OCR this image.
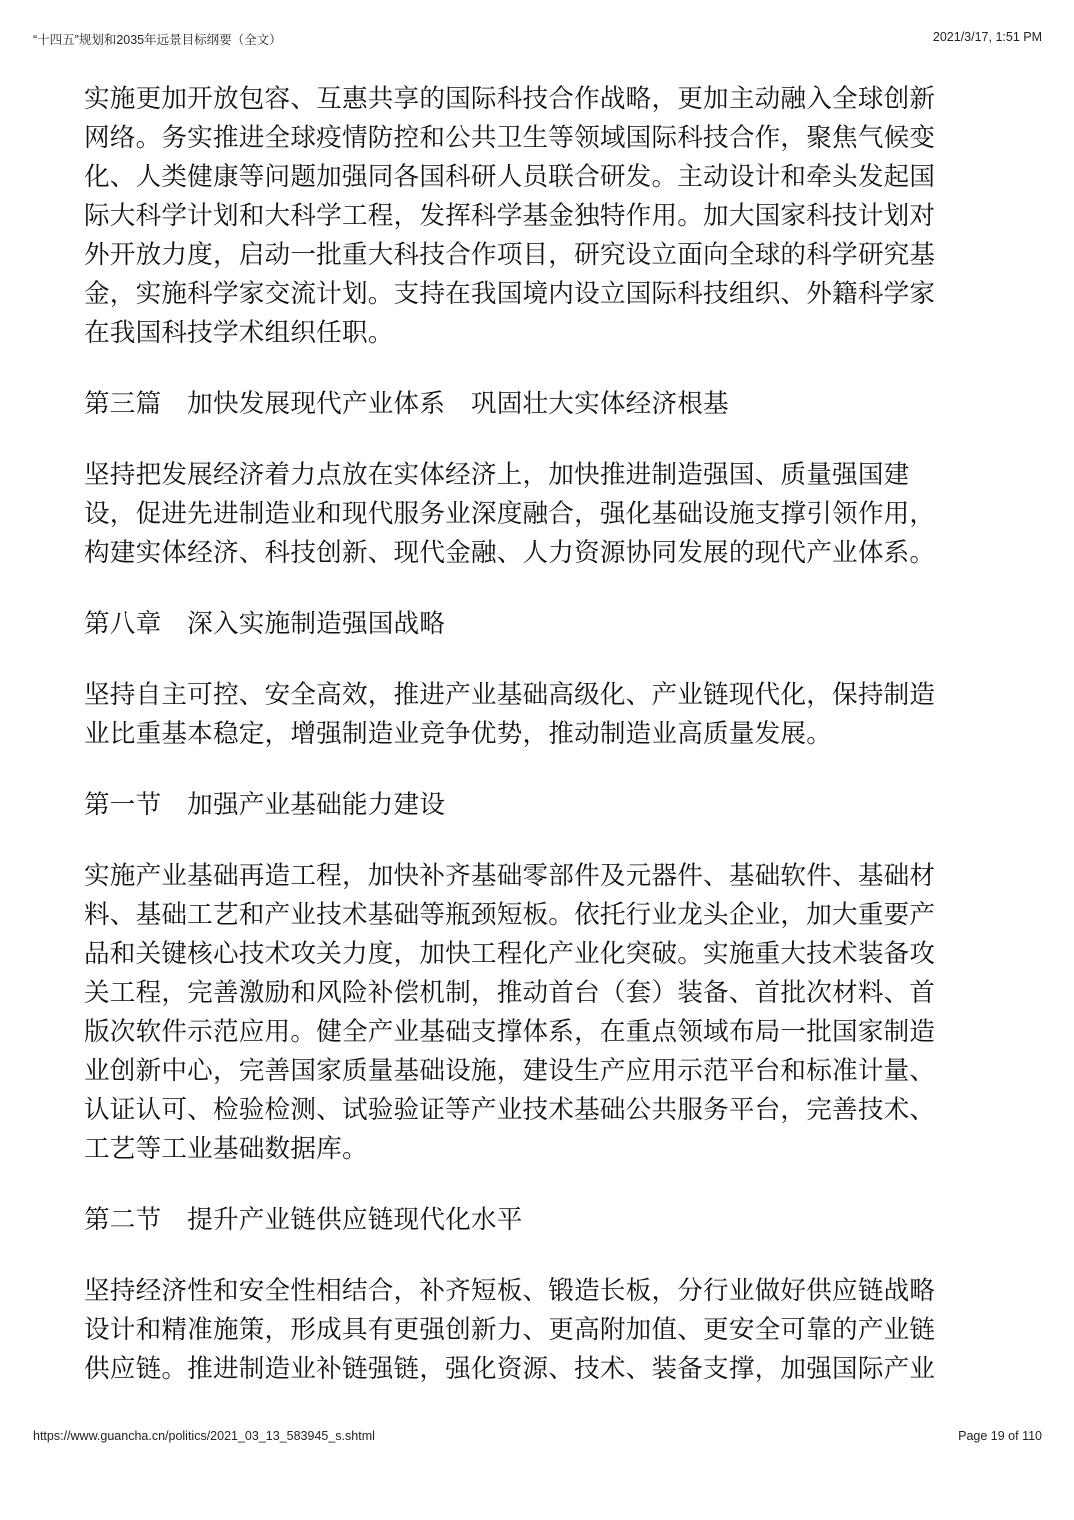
“十四五”规划和2035年远景目标纲要（全文）	2021/3/17, 1:51 PM
实施更加开放包容、互惠共享的国际科技合作战略，更加主动融入全球创新
网络。务实推进全球疫情防控和公共卫生等领域国际科技合作，聚焦气候变
化、人类健康等问题加强同各国科研人员联合研发。主动设计和牵头发起国
际大科学计划和大科学工程，发挥科学基金独特作用。加大国家科技计划对
外开放力度，启动一批重大科技合作项目，研究设立面向全球的科学研究基
金，实施科学家交流计划。支持在我国境内设立国际科技组织、外籍科学家
在我国科技学术组织任职。
第三篇　加快发展现代产业体系　巩固壮大实体经济根基
坚持把发展经济着力点放在实体经济上，加快推进制造强国、质量强国建
设，促进先进制造业和现代服务业深度融合，强化基础设施支撑引领作用，
构建实体经济、科技创新、现代金融、人力资源协同发展的现代产业体系。
第八章　深入实施制造强国战略
坚持自主可控、安全高效，推进产业基础高级化、产业链现代化，保持制造
业比重基本稳定，增强制造业竞争优势，推动制造业高质量发展。
第一节　加强产业基础能力建设
实施产业基础再造工程，加快补齐基础零部件及元器件、基础软件、基础材
料、基础工艺和产业技术基础等瓶颈短板。依托行业龙头企业，加大重要产
品和关键核心技术攻关力度，加快工程化产业化突破。实施重大技术装备攻
关工程，完善激励和风险补偿机制，推动首台（套）装备、首批次材料、首
版次软件示范应用。健全产业基础支撑体系，在重点领域布局一批国家制造
业创新中心，完善国家质量基础设施，建设生产应用示范平台和标准计量、
认证认可、检验检测、试验验证等产业技术基础公共服务平台，完善技术、
工艺等工业基础数据库。
第二节　提升产业链供应链现代化水平
坚持经济性和安全性相结合，补齐短板、锻造长板，分行业做好供应链战略
设计和精准施策，形成具有更强创新力、更高附加值、更安全可靠的产业链
供应链。推进制造业补链强链，强化资源、技术、装备支撑，加强国际产业
https://www.guancha.cn/politics/2021_03_13_583945_s.shtml	Page 19 of 110
